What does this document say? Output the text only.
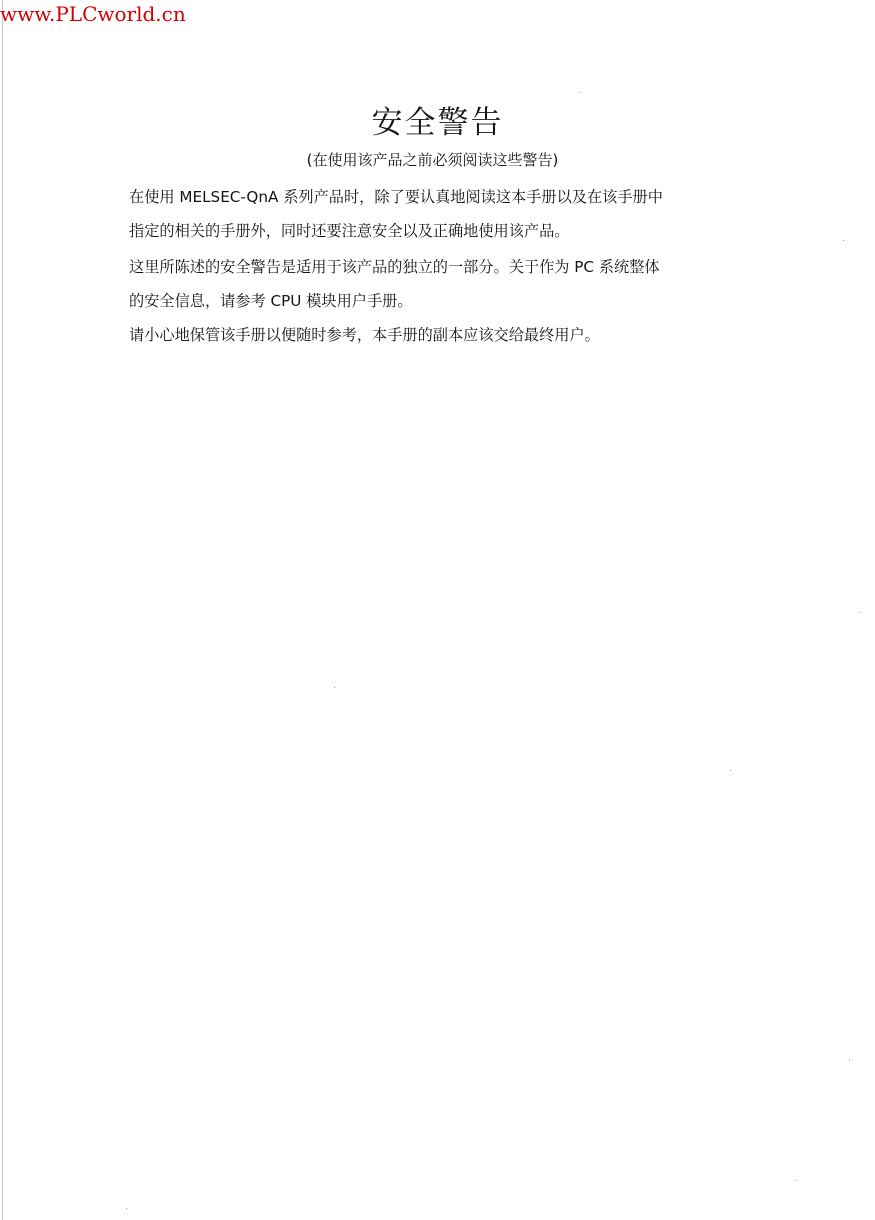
www.PLCworld.cn
安全警告
(在使用该产品之前必须阅读这些警告)
在使用 MELSEC-QnA 系列产品时，除了要认真地阅读这本手册以及在该手册中
指定的相关的手册外，同时还要注意安全以及正确地使用该产品。
这里所陈述的安全警告是适用于该产品的独立的一部分。关于作为 PC 系统整体
的安全信息，请参考 CPU 模块用户手册。
请小心地保管该手册以便随时参考，本手册的副本应该交给最终用户。
